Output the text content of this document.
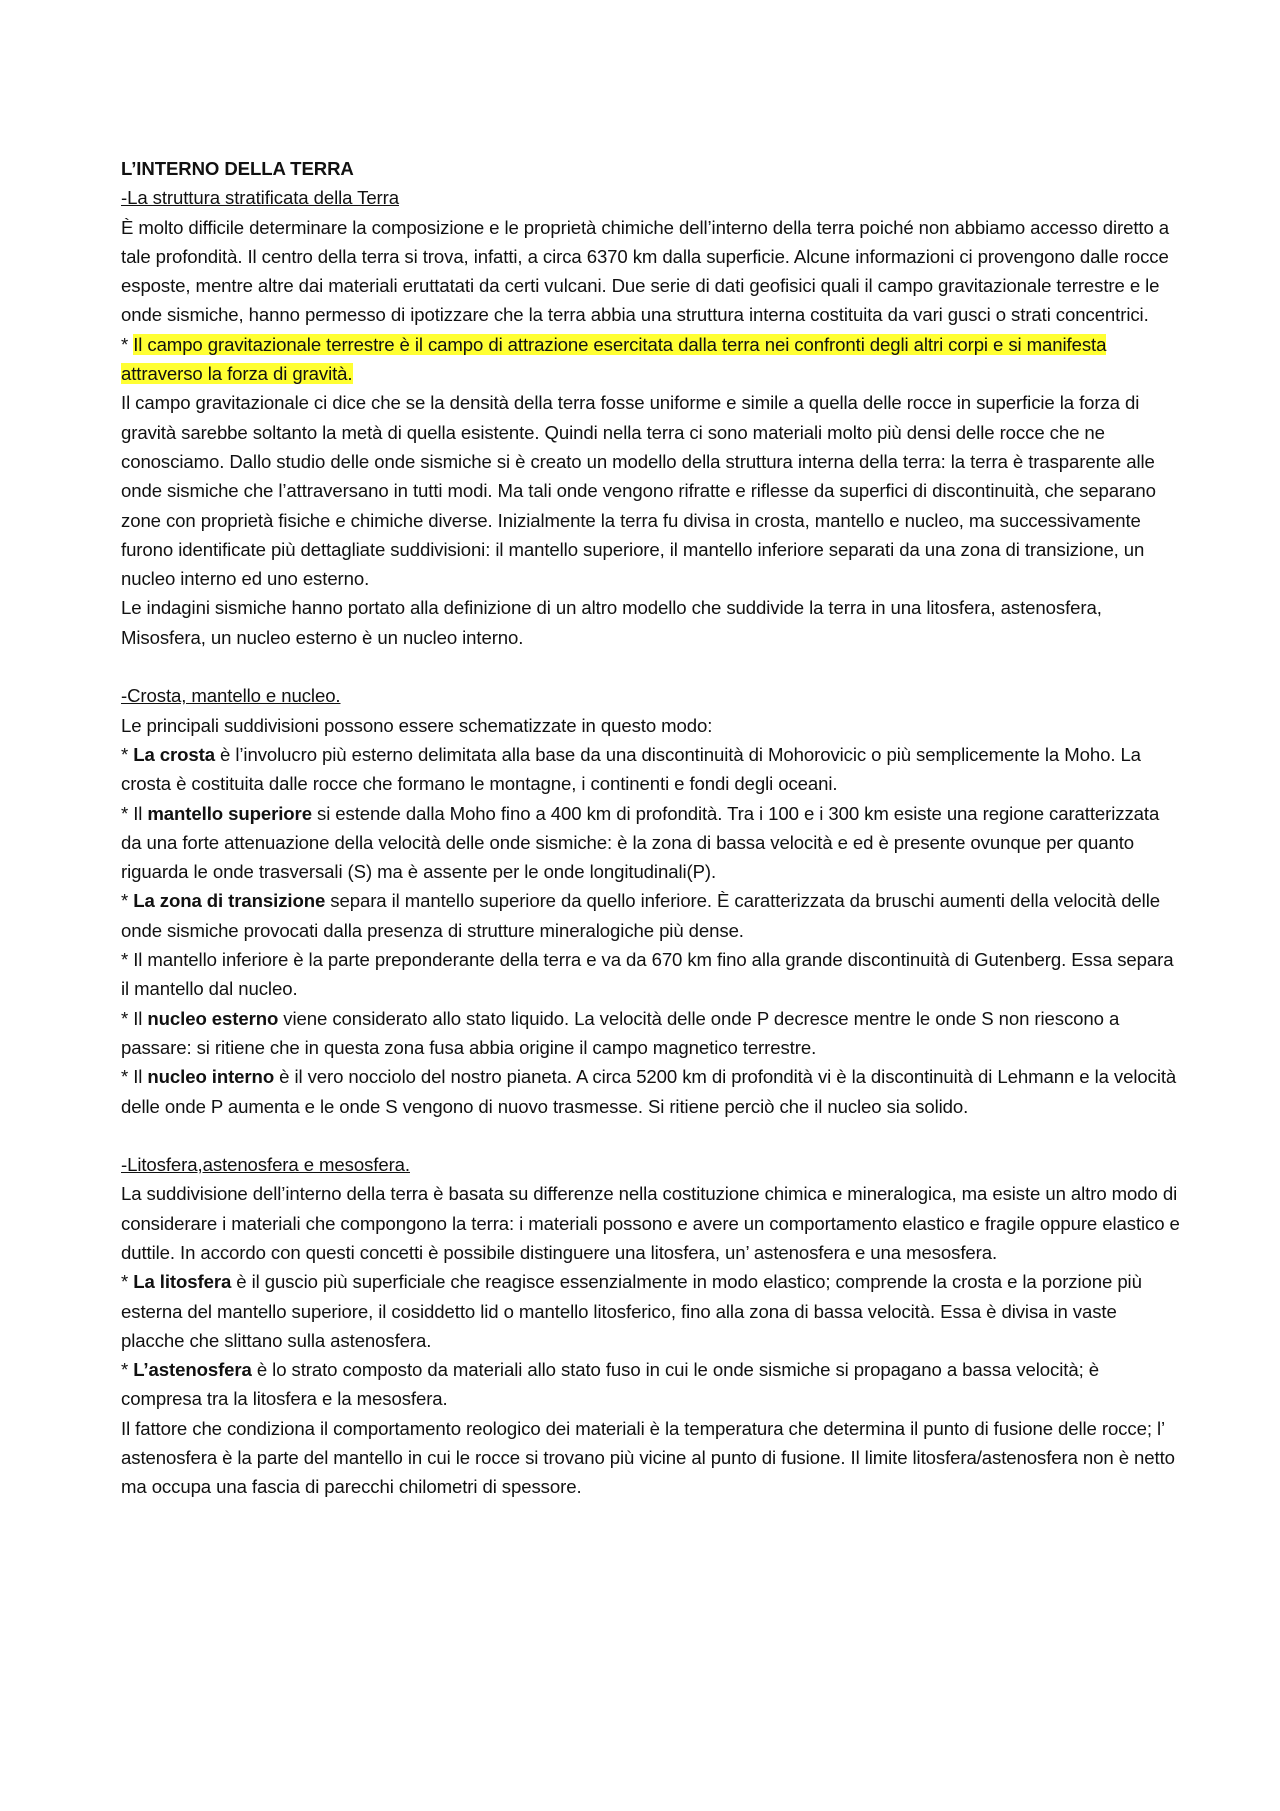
L’INTERNO DELLA TERRA

-La struttura stratificata della Terra

È molto difficile determinare la composizione e le proprietà chimiche dell’interno della terra poiché non abbiamo accesso diretto a tale profondità. Il centro della terra si trova, infatti, a circa 6370 km dalla superficie. Alcune informazioni ci provengono dalle rocce esposte, mentre altre dai materiali eruttatati da certi vulcani. Due serie di dati geofisici quali il campo gravitazionale terrestre e le onde sismiche, hanno permesso di ipotizzare che la terra abbia una struttura interna costituita da vari gusci o strati concentrici.

* Il campo gravitazionale terrestre è il campo di attrazione esercitata dalla terra nei confronti degli altri corpi e si manifesta attraverso la forza di gravità.

Il campo gravitazionale ci dice che se la densità della terra fosse uniforme e simile a quella delle rocce in superficie la forza di gravità sarebbe soltanto la metà di quella esistente. Quindi nella terra ci sono materiali molto più densi delle rocce che ne conosciamo. Dallo studio delle onde sismiche si è creato un modello della struttura interna della terra: la terra è trasparente alle onde sismiche che l’attraversano in tutti modi. Ma tali onde vengono rifratte e riflesse da superfici di discontinuità, che separano zone con proprietà fisiche e chimiche diverse. Inizialmente la terra fu divisa in crosta, mantello e nucleo, ma successivamente furono identificate più dettagliate suddivisioni: il mantello superiore, il mantello inferiore separati da una zona di transizione, un nucleo interno ed uno esterno.

Le indagini sismiche hanno portato alla definizione di un altro modello che suddivide la terra in una litosfera, astenosfera, Misosfera, un nucleo esterno è un nucleo interno.

-Crosta, mantello e nucleo.

Le principali suddivisioni possono essere schematizzate in questo modo:

* La crosta è l’involucro più esterno delimitata alla base da una discontinuità di Mohorovicic o più semplicemente la Moho. La crosta è costituita dalle rocce che formano le montagne, i continenti e fondi degli oceani.

* Il mantello superiore si estende dalla Moho fino a 400 km di profondità. Tra i 100 e i 300 km esiste una regione caratterizzata da una forte attenuazione della velocità delle onde sismiche: è la zona di bassa velocità e ed è presente ovunque per quanto riguarda le onde trasversali (S) ma è assente per le onde longitudinali(P).

* La zona di transizione separa il mantello superiore da quello inferiore. È caratterizzata da bruschi aumenti della velocità delle onde sismiche provocati dalla presenza di strutture mineralogiche più dense.

* Il mantello inferiore è la parte preponderante della terra e va da 670 km fino alla grande discontinuità di Gutenberg. Essa separa il mantello dal nucleo.

* Il nucleo esterno viene considerato allo stato liquido. La velocità delle onde P decresce mentre le onde S non riescono a passare: si ritiene che in questa zona fusa abbia origine il campo magnetico terrestre.

* Il nucleo interno è il vero nocciolo del nostro pianeta. A circa 5200 km di profondità vi è la discontinuità di Lehmann e la velocità delle onde P aumenta e le onde S vengono di nuovo trasmesse. Si ritiene perciò che il nucleo sia solido.

-Litosfera,astenosfera e mesosfera.

La suddivisione dell’interno della terra è basata su differenze nella costituzione chimica e mineralogica, ma esiste un altro modo di considerare i materiali che compongono la terra: i materiali possono e avere un comportamento elastico e fragile oppure elastico e duttile. In accordo con questi concetti è possibile distinguere una litosfera, un’ astenosfera e una mesosfera.

* La litosfera è il guscio più superficiale che reagisce essenzialmente in modo elastico; comprende la crosta e la porzione più esterna del mantello superiore, il cosiddetto lid o mantello litosferico, fino alla zona di bassa velocità. Essa è divisa in vaste placche che slittano sulla astenosfera.

* L’astenosfera è lo strato composto da materiali allo stato fuso in cui le onde sismiche si propagano a bassa velocità; è compresa tra la litosfera e la mesosfera.

Il fattore che condiziona il comportamento reologico dei materiali è la temperatura che determina il punto di fusione delle rocce; l’ astenosfera è la parte del mantello in cui le rocce si trovano più vicine al punto di fusione. Il limite litosfera/astenosfera non è netto ma occupa una fascia di parecchi chilometri di spessore.
